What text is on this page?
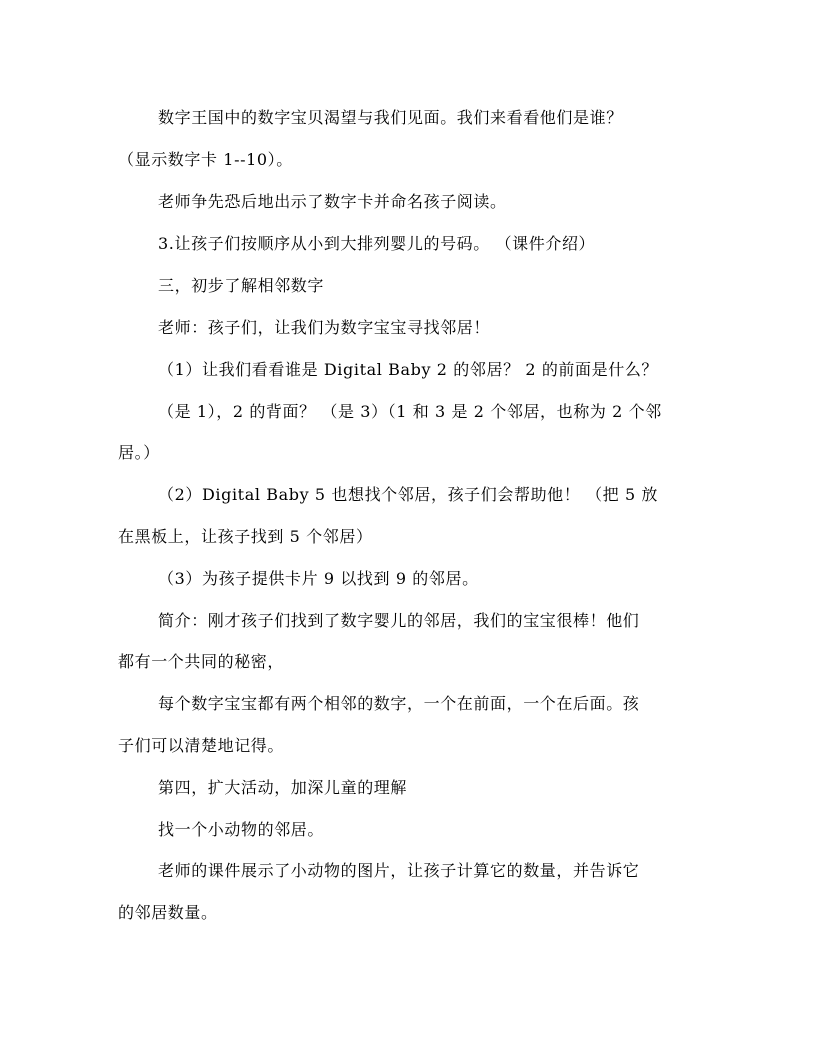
数字王国中的数字宝贝渴望与我们见面。我们来看看他们是谁？
（显示数字卡 1--10）。
老师争先恐后地出示了数字卡并命名孩子阅读。
3.让孩子们按顺序从小到大排列婴儿的号码。 （课件介绍）
三，初步了解相邻数字
老师：孩子们，让我们为数字宝宝寻找邻居！
（1）让我们看看谁是 Digital Baby 2 的邻居？ 2 的前面是什么？
（是 1），2 的背面？ （是 3）（1 和 3 是 2 个邻居，也称为 2 个邻
居。）
（2）Digital Baby 5 也想找个邻居，孩子们会帮助他！ （把 5 放
在黑板上，让孩子找到 5 个邻居）
（3）为孩子提供卡片 9 以找到 9 的邻居。
简介：刚才孩子们找到了数字婴儿的邻居，我们的宝宝很棒！他们
都有一个共同的秘密，
每个数字宝宝都有两个相邻的数字，一个在前面，一个在后面。孩
子们可以清楚地记得。
第四，扩大活动，加深儿童的理解
找一个小动物的邻居。
老师的课件展示了小动物的图片，让孩子计算它的数量，并告诉它
的邻居数量。
